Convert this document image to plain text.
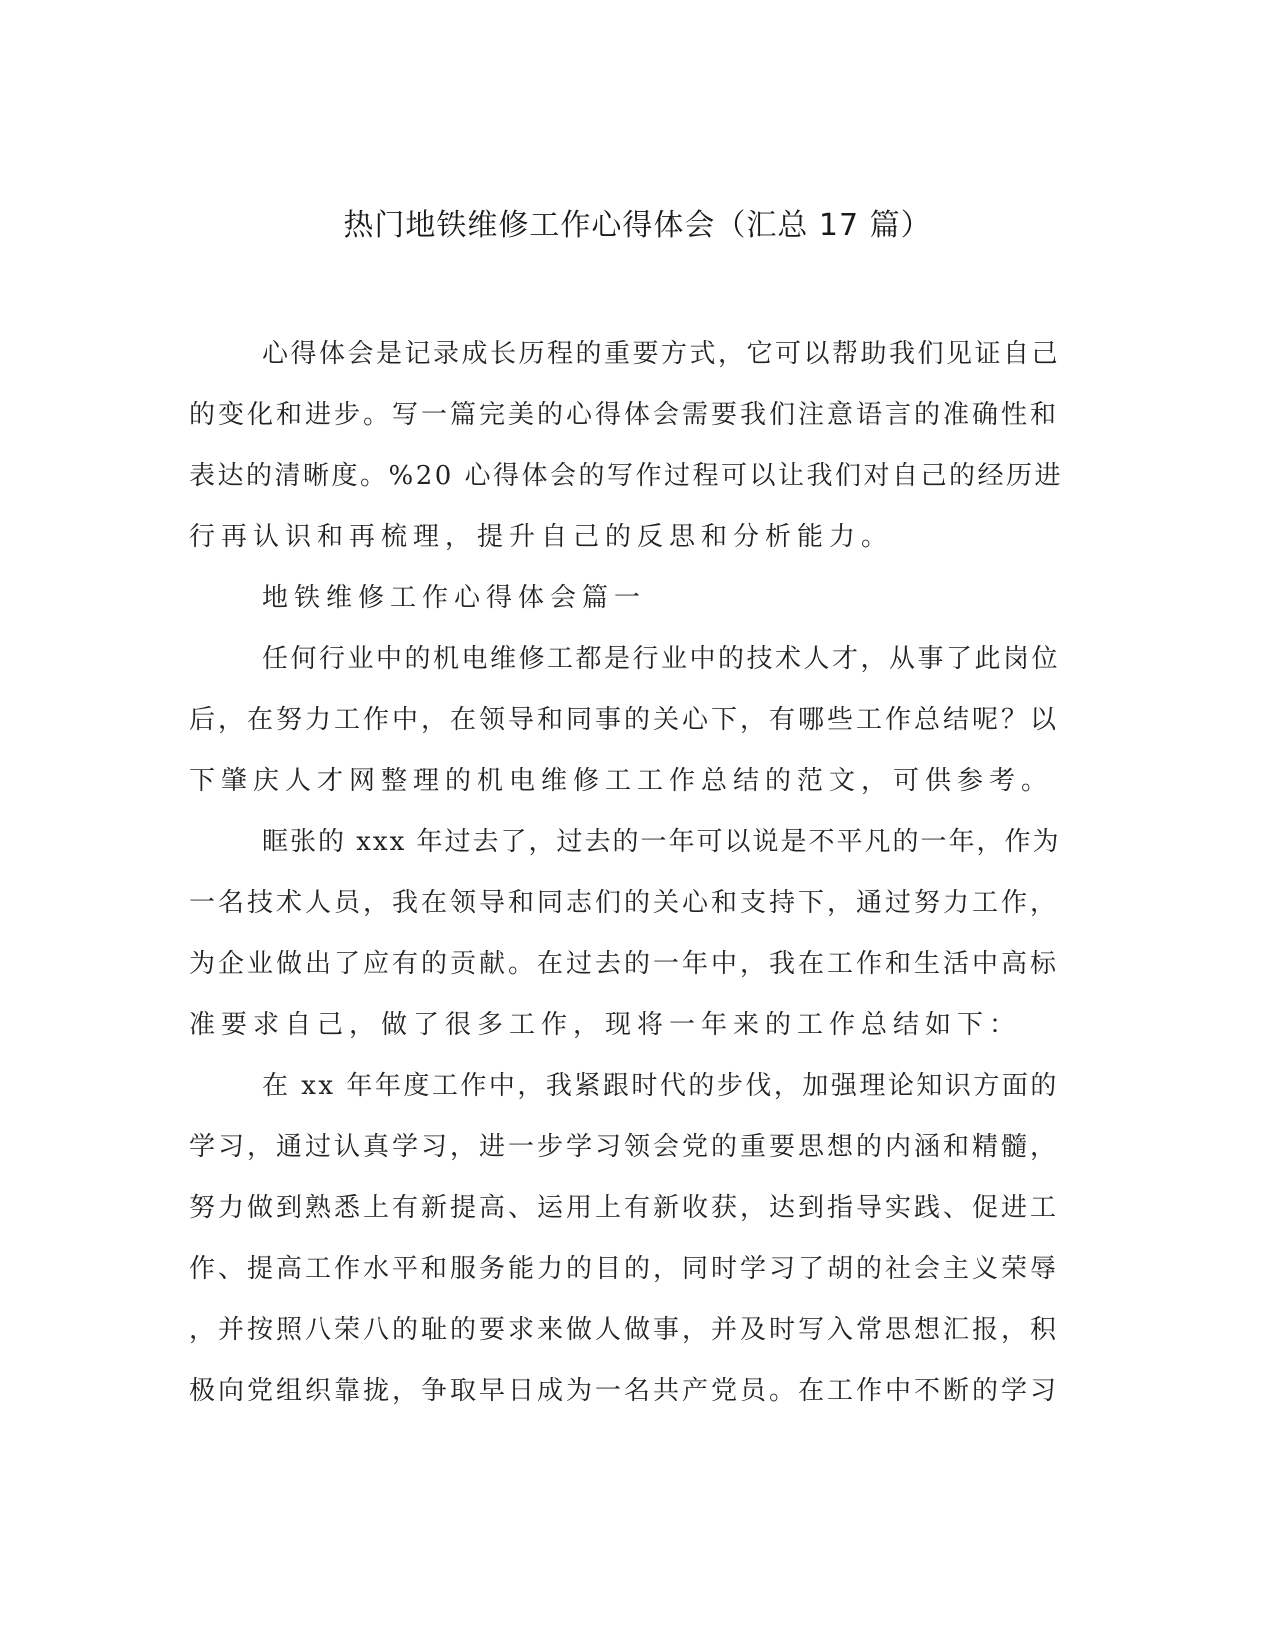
热门地铁维修工作心得体会（汇总 17 篇）
心得体会是记录成长历程的重要方式，它可以帮助我们见证自己
的变化和进步。写一篇完美的心得体会需要我们注意语言的准确性和
表达的清晰度。%20 心得体会的写作过程可以让我们对自己的经历进
行再认识和再梳理，提升自己的反思和分析能力。
地铁维修工作心得体会篇一
任何行业中的机电维修工都是行业中的技术人才，从事了此岗位
后，在努力工作中，在领导和同事的关心下，有哪些工作总结呢？以
下肇庆人才网整理的机电维修工工作总结的范文，可供参考。
眶张的 xxx 年过去了，过去的一年可以说是不平凡的一年，作为
一名技术人员，我在领导和同志们的关心和支持下，通过努力工作，
为企业做出了应有的贡献。在过去的一年中，我在工作和生活中高标
准要求自己，做了很多工作，现将一年来的工作总结如下：
在 xx 年年度工作中，我紧跟时代的步伐，加强理论知识方面的
学习，通过认真学习，进一步学习领会党的重要思想的内涵和精髓，
努力做到熟悉上有新提高、运用上有新收获，达到指导实践、促进工
作、提高工作水平和服务能力的目的，同时学习了胡的社会主义荣辱
，并按照八荣八的耻的要求来做人做事，并及时写入常思想汇报，积
极向党组织靠拢，争取早日成为一名共产党员。在工作中不断的学习
